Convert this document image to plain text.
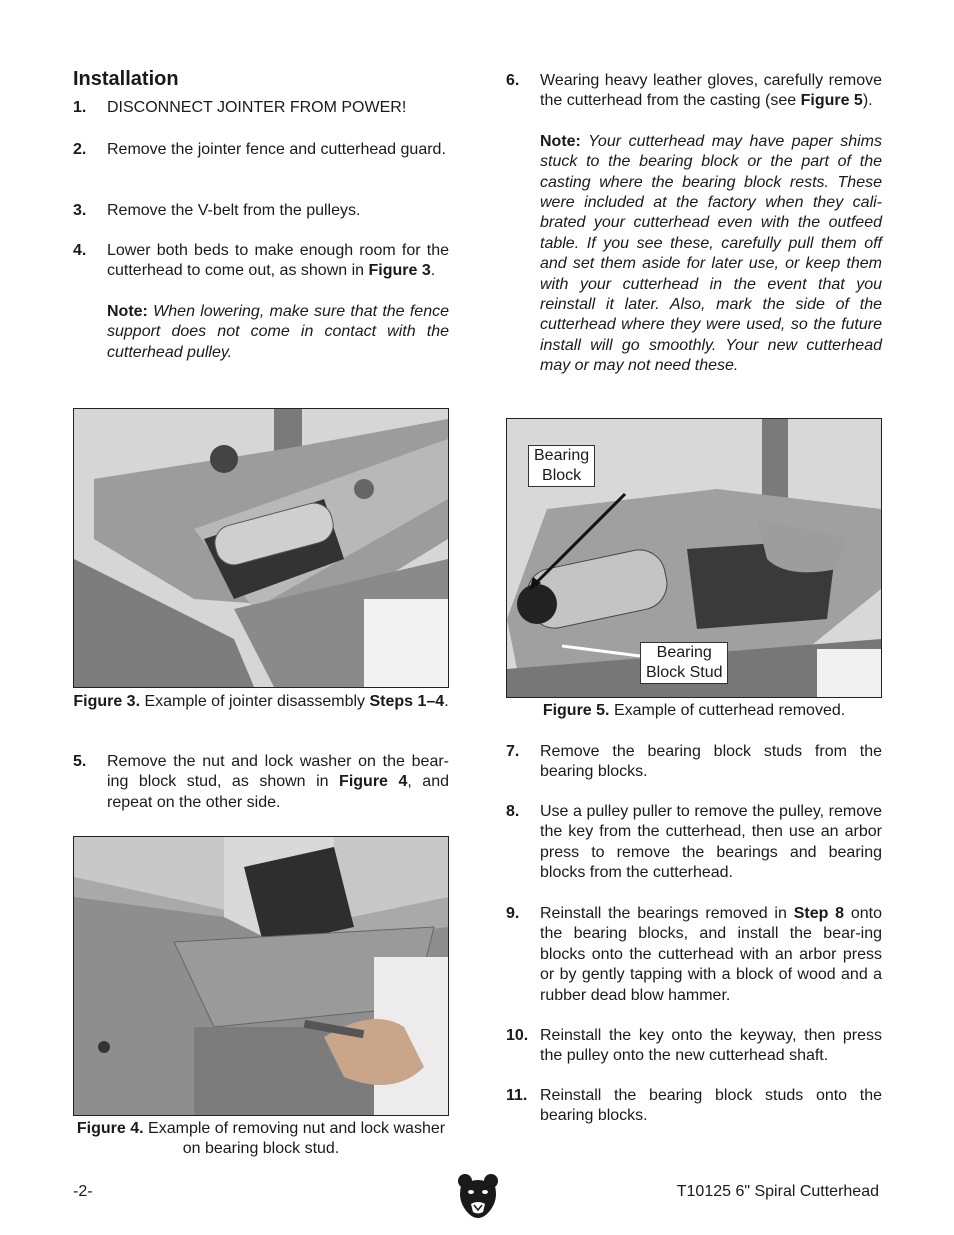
Installation
1. DISCONNECT JOINTER FROM POWER!
2. Remove the jointer fence and cutterhead guard.
3. Remove the V-belt from the pulleys.
4. Lower both beds to make enough room for the cutterhead to come out, as shown in Figure 3.
Note: When lowering, make sure that the fence support does not come in contact with the cutterhead pulley.
Figure 3. Example of jointer disassembly Steps 1–4.
5. Remove the nut and lock washer on the bear-ing block stud, as shown in Figure 4, and repeat on the other side.
Figure 4. Example of removing nut and lock washer on bearing block stud.
6. Wearing heavy leather gloves, carefully remove the cutterhead from the casting (see Figure 5).
Note: Your cutterhead may have paper shims stuck to the bearing block or the part of the casting where the bearing block rests. These were included at the factory when they cali-brated your cutterhead even with the outfeed table. If you see these, carefully pull them off and set them aside for later use, or keep them with your cutterhead in the event that you reinstall it later. Also, mark the side of the cutterhead where they were used, so the future install will go smoothly. Your new cutterhead may or may not need these.
Bearing
Block
Bearing
Block Stud
Figure 5. Example of cutterhead removed.
7. Remove the bearing block studs from the bearing blocks.
8. Use a pulley puller to remove the pulley, remove the key from the cutterhead, then use an arbor press to remove the bearings and bearing blocks from the cutterhead.
9. Reinstall the bearings removed in Step 8 onto the bearing blocks, and install the bear-ing blocks onto the cutterhead with an arbor press or by gently tapping with a block of wood and a rubber dead blow hammer.
10. Reinstall the key onto the keyway, then press the pulley onto the new cutterhead shaft.
11. Reinstall the bearing block studs onto the bearing blocks.
-2-	T10125 6" Spiral Cutterhead
